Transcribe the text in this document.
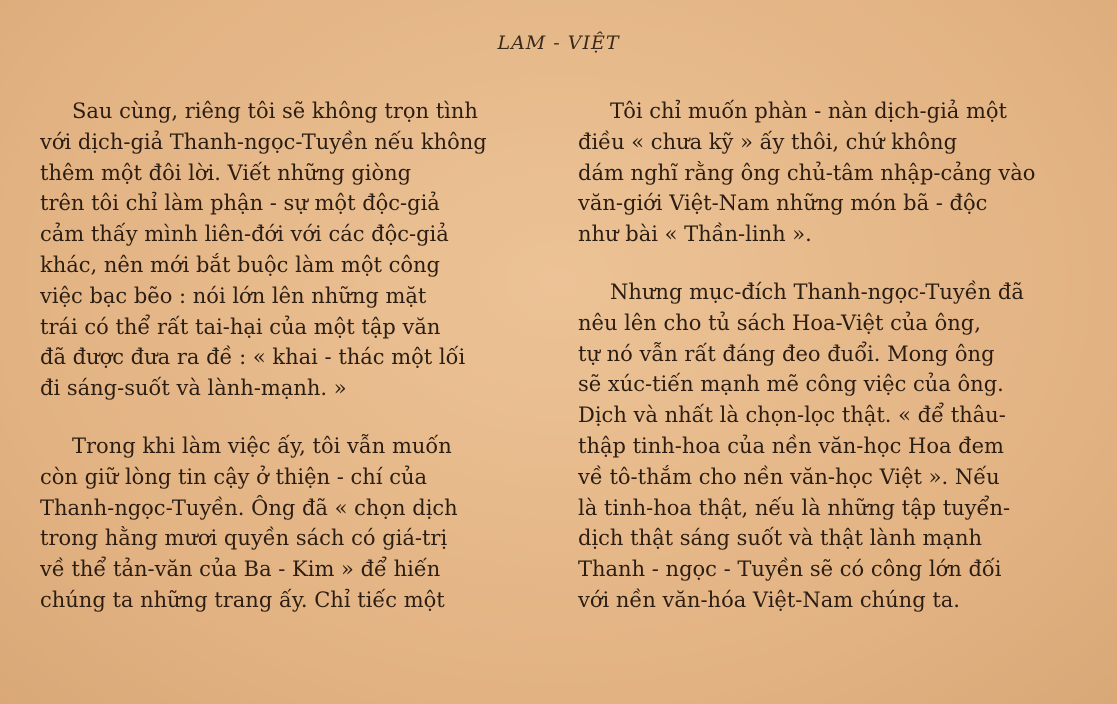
LAM - VIỆT

Sau cùng, riêng tôi sẽ không trọn tình
với dịch-giả Thanh-ngọc-Tuyền nếu không
thêm một đôi lời. Viết những giòng
trên tôi chỉ làm phận - sự một độc-giả
cảm thấy mình liên-đới với các độc-giả
khác, nên mới bắt buộc làm một công
việc bạc bẽo : nói lớn lên những mặt
trái có thể rất tai-hại của một tập văn
đã được đưa ra đề : « khai - thác một lối
đi sáng-suốt và lành-mạnh. »

Trong khi làm việc ấy, tôi vẫn muốn
còn giữ lòng tin cậy ở thiện - chí của
Thanh-ngọc-Tuyền. Ông đã « chọn dịch
trong hằng mươi quyền sách có giá-trị
về thể tản-văn của Ba - Kim » để hiến
chúng ta những trang ấy. Chỉ tiếc một

Tôi chỉ muốn phàn - nàn dịch-giả một
điều « chưa kỹ » ấy thôi, chứ không
dám nghĩ rằng ông chủ-tâm nhập-cảng vào
văn-giới Việt-Nam những món bã - độc
như bài « Thần-linh ».

Nhưng mục-đích Thanh-ngọc-Tuyền đã
nêu lên cho tủ sách Hoa-Việt của ông,
tự nó vẫn rất đáng đeo đuổi. Mong ông
sẽ xúc-tiến mạnh mẽ công việc của ông.
Dịch và nhất là chọn-lọc thật. « để thâu-
thập tinh-hoa của nền văn-học Hoa đem
về tô-thắm cho nền văn-học Việt ». Nếu
là tinh-hoa thật, nếu là những tập tuyển-
dịch thật sáng suốt và thật lành mạnh
Thanh - ngọc - Tuyền sẽ có công lớn đối
với nền văn-hóa Việt-Nam chúng ta.
